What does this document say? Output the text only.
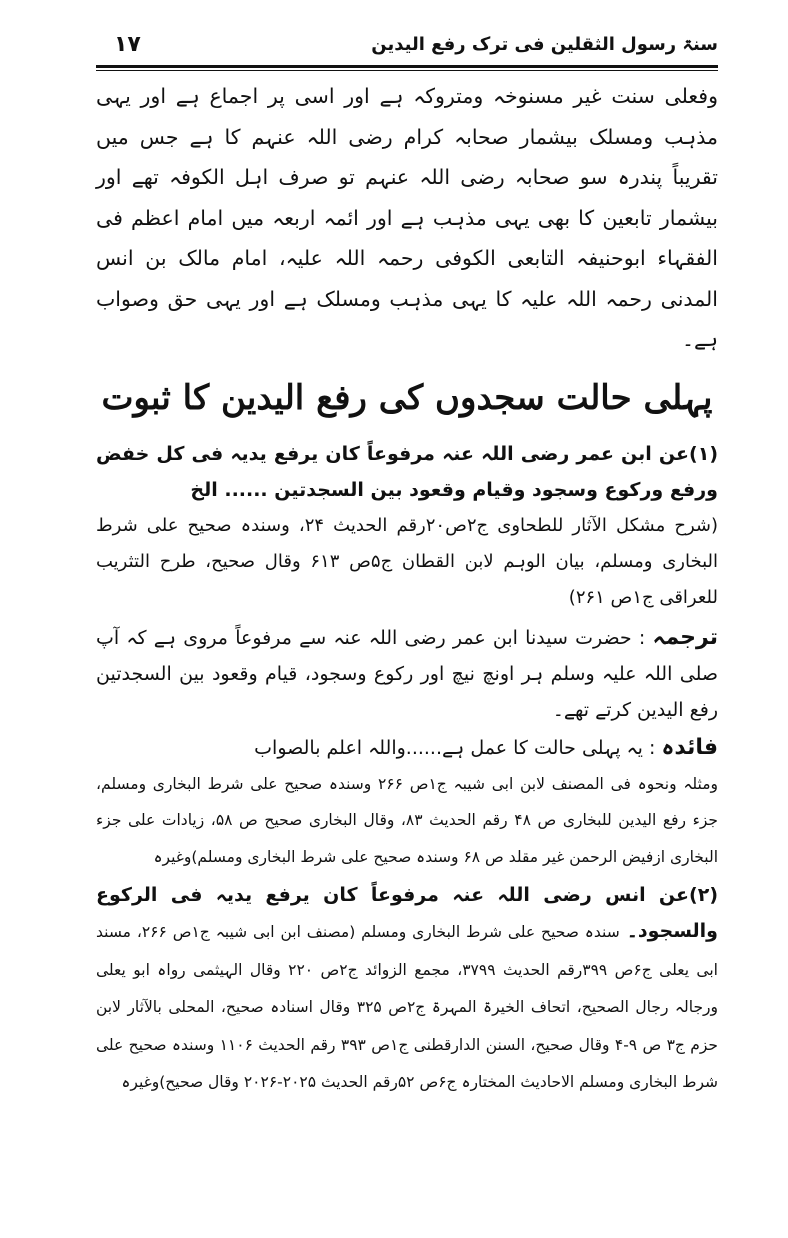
۱۷	سنۃ رسول الثقلین فی ترک رفع الیدین

وفعلی سنت غیر مسنوخہ ومتروکہ ہے اور اسی پر اجماع ہے اور یہی مذہب ومسلک بیشمار صحابہ کرام رضی اللہ عنہم کا ہے جس میں تقریباً پندرہ سو صحابہ رضی اللہ عنہم تو صرف اہل الکوفہ تھے اور بیشمار تابعین کا بھی یہی مذہب ہے اور ائمہ اربعہ میں امام اعظم فی الفقہاء ابوحنیفہ التابعی الکوفی رحمہ اللہ علیہ، امام مالک بن انس المدنی رحمہ اللہ علیہ کا یہی مذہب ومسلک ہے اور یہی حق وصواب ہے۔

پہلی حالت سجدوں کی رفع الیدین کا ثبوت

(۱)عن ابن عمر رضی اللہ عنہ مرفوعاً کان یرفع یدیہ فی کل خفض ورفع ورکوع وسجود وقیام وقعود بین السجدتین ...... الخ

(شرح مشکل الآثار للطحاوی ج۲ص۲۰رقم الحدیث ۲۴، وسندہ صحیح علی شرط البخاری ومسلم، بیان الوہم لابن القطان ج۵ص ۶۱۳ وقال صحیح، طرح التثریب للعراقی ج۱ص ۲۶۱)

ترجمہ : حضرت سیدنا ابن عمر رضی اللہ عنہ سے مرفوعاً مروی ہے کہ آپ صلی اللہ علیہ وسلم ہر اونچ نیچ اور رکوع وسجود، قیام وقعود بین السجدتین رفع الیدین کرتے تھے۔

فائدہ : یہ پہلی حالت کا عمل ہے......واللہ اعلم بالصواب

ومثلہ ونحوہ فی المصنف لابن ابی شیبہ ج۱ص ۲۶۶ وسندہ صحیح علی شرط البخاری ومسلم، جزء رفع الیدین للبخاری ص ۴۸ رقم الحدیث ۸۳، وقال البخاری صحیح ص ۵۸، زیادات علی جزء البخاری ازفیض الرحمن غیر مقلد ص ۶۸ وسندہ صحیح علی شرط البخاری ومسلم)وغیرہ

(۲)عن انس رضی اللہ عنہ مرفوعاً کان یرفع یدیہ فی الرکوع والسجود۔ سندہ صحیح علی شرط البخاری ومسلم (مصنف ابن ابی شیبہ ج۱ص ۲۶۶، مسند ابی یعلی ج۶ص ۳۹۹رقم الحدیث ۳۷۹۹، مجمع الزوائد ج۲ص ۲۲۰ وقال الہیثمی رواہ ابو یعلی ورجالہ رجال الصحیح، اتحاف الخیرۃ المہرۃ ج۲ص ۳۲۵ وقال اسنادہ صحیح، المحلی بالآثار لابن حزم ج۳ ص ۹-۴ وقال صحیح، السنن الدارقطنی ج۱ص ۳۹۳ رقم الحدیث ۱۱۰۶ وسندہ صحیح علی شرط البخاری ومسلم الاحادیث المختارہ ج۶ص ۵۲رقم الحدیث ۲۰۲۵-۲۰۲۶ وقال صحیح)وغیرہ
